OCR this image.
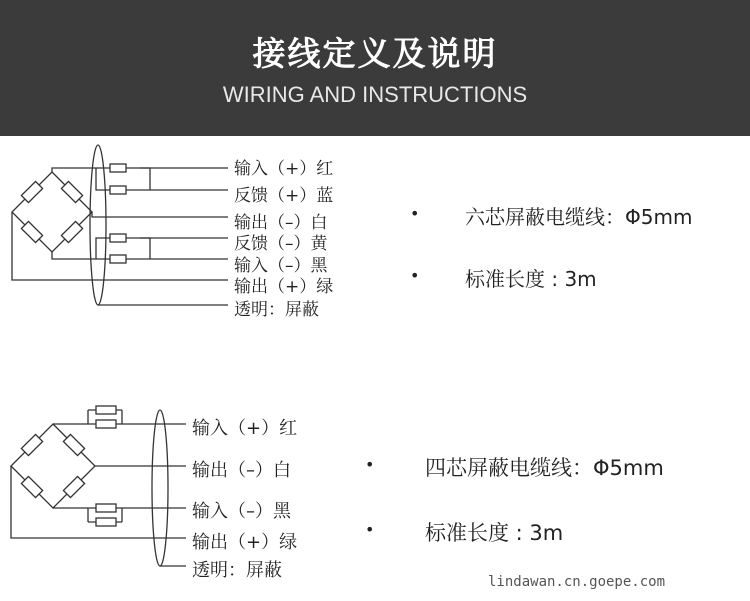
接线定义及说明
WIRING AND INSTRUCTIONS
输入（+）红
反馈（+）蓝
输出（–）白
反馈（–）黄
输入（–）黑
输出（+）绿
透明：屏蔽
• 六芯屏蔽电缆线：Φ5mm
• 标准长度 : 3m
输入（+）红
输出（–）白
输入（–）黑
输出（+）绿
透明：屏蔽
• 四芯屏蔽电缆线：Φ5mm
• 标准长度 : 3m
lindawan.cn.goepe.com
